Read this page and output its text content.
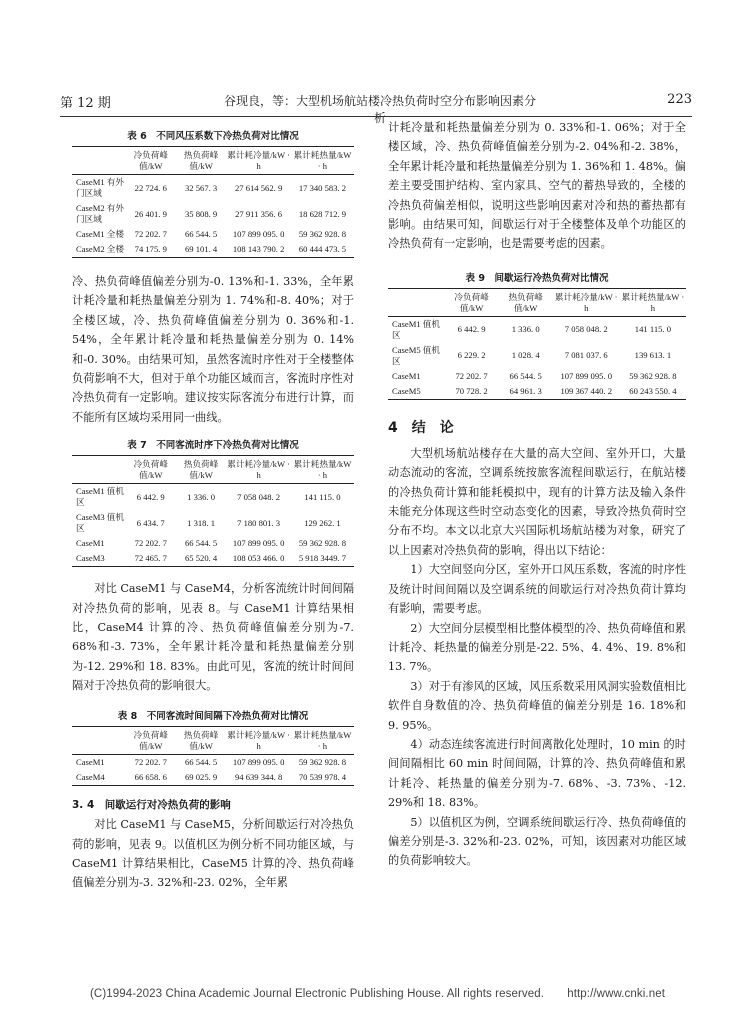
第 12 期	谷现良，等：大型机场航站楼冷热负荷时空分布影响因素分析
223
表 6　不同风压系数下冷热负荷对比情况
	冷负荷峰值/kW	热负荷峰值/kW	累计耗冷量/kW · h	累计耗热量/kW · h
CaseM1 有外门区域	22 724. 6	32 567. 3	27 614 562. 9	17 340 583. 2
CaseM2 有外门区域	26 401. 9	35 808. 9	27 911 356. 6	18 628 712. 9
CaseM1 全楼	72 202. 7	66 544. 5	107 899 095. 0	59 362 928. 8
CaseM2 全楼	74 175. 9	69 101. 4	108 143 790. 2	60 444 473. 5

冷、热负荷峰值偏差分别为-0. 13%和-1. 33%，全年累计耗冷量和耗热量偏差分别为 1. 74%和-8. 40%；对于全楼区域，冷、热负荷峰值偏差分别为 0. 36%和-1. 54%，全年累计耗冷量和耗热量偏差分别为 0. 14%和-0. 30%。由结果可知，虽然客流时序性对于全楼整体负荷影响不大，但对于单个功能区域而言，客流时序性对冷热负荷有一定影响。建议按实际客流分布进行计算，而不能所有区域均采用同一曲线。

表 7　不同客流时序下冷热负荷对比情况
	冷负荷峰值/kW	热负荷峰值/kW	累计耗冷量/kW · h	累计耗热量/kW · h
CaseM1 值机区	6 442. 9	1 336. 0	7 058 048. 2	141 115. 0
CaseM3 值机区	6 434. 7	1 318. 1	7 180 801. 3	129 262. 1
CaseM1	72 202. 7	66 544. 5	107 899 095. 0	59 362 928. 8
CaseM3	72 465. 7	65 520. 4	108 053 466. 0	5 918 3449. 7

对比 CaseM1 与 CaseM4，分析客流统计时间间隔对冷热负荷的影响，见表 8。与 CaseM1 计算结果相比，CaseM4 计算的冷、热负荷峰值偏差分别为-7. 68%和-3. 73%，全年累计耗冷量和耗热量偏差分别为-12. 29%和 18. 83%。由此可见，客流的统计时间间隔对于冷热负荷的影响很大。

表 8　不同客流时间间隔下冷热负荷对比情况
	冷负荷峰值/kW	热负荷峰值/kW	累计耗冷量/kW · h	累计耗热量/kW · h
CaseM1	72 202. 7	66 544. 5	107 899 095. 0	59 362 928. 8
CaseM4	66 658. 6	69 025. 9	94 639 344. 8	70 539 978. 4
3. 4　间歇运行对冷热负荷的影响

对比 CaseM1 与 CaseM5，分析间歇运行对冷热负荷的影响，见表 9。以值机区为例分析不同功能区域，与 CaseM1 计算结果相比，CaseM5 计算的冷、热负荷峰值偏差分别为-3. 32%和-23. 02%，全年累

计耗冷量和耗热量偏差分别为 0. 33%和-1. 06%；对于全楼区域，冷、热负荷峰值偏差分别为-2. 04%和-2. 38%，全年累计耗冷量和耗热量偏差分别为 1. 36%和 1. 48%。偏差主要受围护结构、室内家具、空气的蓄热导致的，全楼的冷热负荷偏差相似，说明这些影响因素对冷和热的蓄热都有影响。由结果可知，间歇运行对于全楼整体及单个功能区的冷热负荷有一定影响，也是需要考虑的因素。

表 9　间歇运行冷热负荷对比情况
	冷负荷峰值/kW	热负荷峰值/kW	累计耗冷量/kW · h	累计耗热量/kW · h
CaseM1 值机区	6 442. 9	1 336. 0	7 058 048. 2	141 115. 0
CaseM5 值机区	6 229. 2	1 028. 4	7 081 037. 6	139 613. 1
CaseM1	72 202. 7	66 544. 5	107 899 095. 0	59 362 928. 8
CaseM5	70 728. 2	64 961. 3	109 367 440. 2	60 243 550. 4
4　结　论

大型机场航站楼存在大量的高大空间、室外开口，大量动态流动的客流，空调系统按旅客流程间歇运行，在航站楼的冷热负荷计算和能耗模拟中，现有的计算方法及输入条件未能充分体现这些时空动态变化的因素，导致冷热负荷时空分布不均。本文以北京大兴国际机场航站楼为对象，研究了以上因素对冷热负荷的影响，得出以下结论：

1）大空间竖向分区，室外开口风压系数，客流的时序性及统计时间间隔以及空调系统的间歇运行对冷热负荷计算均有影响，需要考虑。

2）大空间分层模型相比整体模型的冷、热负荷峰值和累计耗冷、耗热量的偏差分别是-22. 5%、4. 4%、19. 8%和 13. 7%。

3）对于有渗风的区域，风压系数采用风洞实验数值相比软件自身数值的冷、热负荷峰值的偏差分别是 16. 18%和 9. 95%。

4）动态连续客流进行时间离散化处理时，10 min 的时间间隔相比 60 min 时间间隔，计算的冷、热负荷峰值和累计耗冷、耗热量的偏差分别为-7. 68%、-3. 73%、-12. 29%和 18. 83%。

5）以值机区为例，空调系统间歇运行冷、热负荷峰值的偏差分别是-3. 32%和-23. 02%，可知，该因素对功能区域的负荷影响较大。

(C)1994-2023 China Academic Journal Electronic Publishing House. All rights reserved.　　http://www.cnki.net
